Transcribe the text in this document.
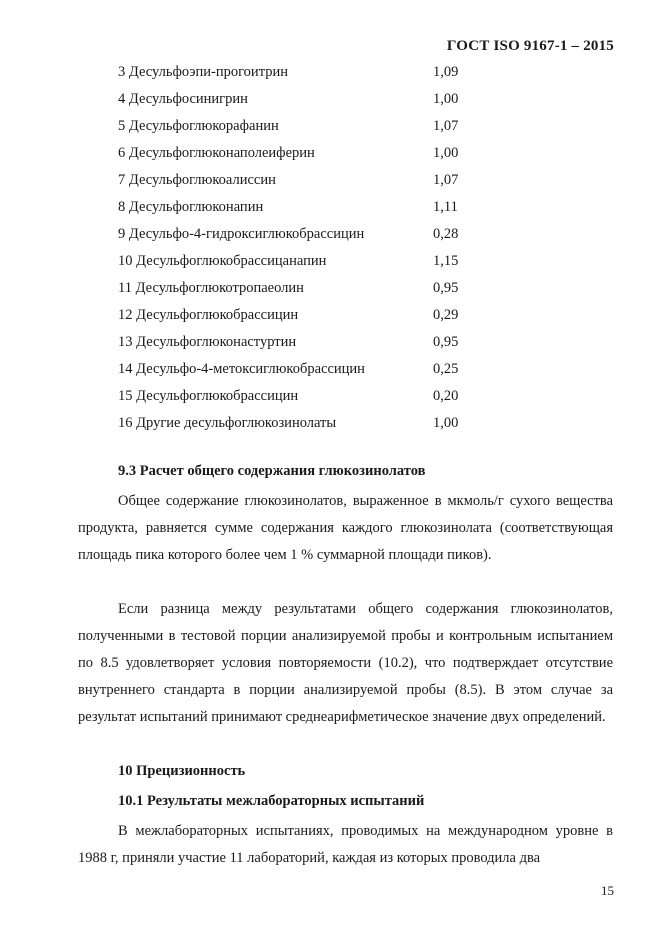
ГОСТ ISO 9167-1 – 2015
3 Десульфоэпи-прогоитрин	1,09
4 Десульфосинигрин	1,00
5 Десульфоглюкорафанин	1,07
6 Десульфоглюконаполеиферин	1,00
7 Десульфоглюкоалиссин	1,07
8 Десульфоглюконапин	1,11
9 Десульфо-4-гидроксиглюкобрассицин	0,28
10 Десульфоглюкобрассицанапин	1,15
11 Десульфоглюкотропаеолин	0,95
12 Десульфоглюкобрассицин	0,29
13 Десульфоглюконастуртин	0,95
14 Десульфо-4-метоксиглюкобрассицин	0,25
15 Десульфоглюкобрассицин	0,20
16 Другие десульфоглюкозинолаты	1,00
9.3 Расчет общего содержания глюкозинолатов
Общее содержание глюкозинолатов, выраженное в мкмоль/г сухого вещества продукта, равняется сумме содержания каждого глюкозинолата (соответствующая площадь пика которого более чем 1 % суммарной площади пиков).
Если разница между результатами общего содержания глюкозинолатов, полученными в тестовой порции анализируемой пробы и контрольным испытанием по 8.5 удовлетворяет условия повторяемости (10.2), что подтверждает отсутствие внутреннего стандарта в порции анализируемой пробы (8.5). В этом случае за результат испытаний принимают среднеарифметическое значение двух определений.
10 Прецизионность
10.1 Результаты межлабораторных испытаний
В межлабораторных испытаниях, проводимых на международном уровне в 1988 г, приняли участие 11 лабораторий, каждая из которых проводила два
15
